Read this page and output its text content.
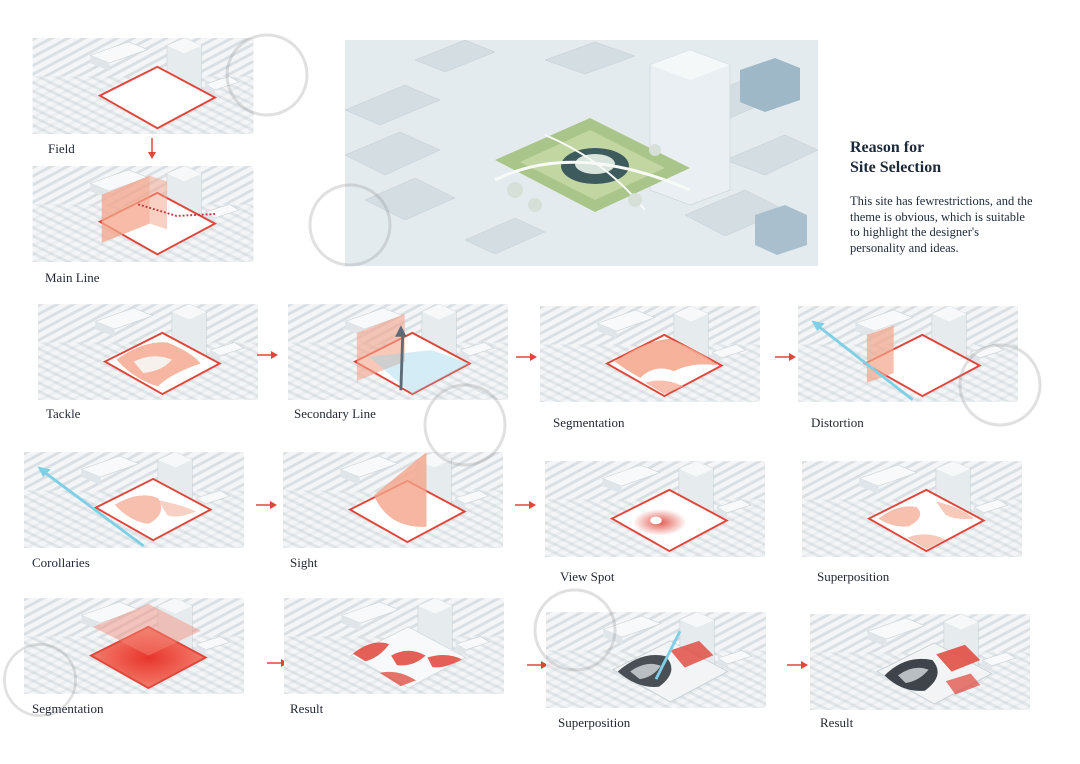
Field
Main Line
Reason for
Site Selection
This site has fewrestrictions, and the theme is obvious, which is suitable to highlight the designer's personality and ideas.
Tackle	Secondary Line
Segmentation	Distortion
Corollaries	Sight
View Spot	Superposition
Segmentation	Result
Superposition	Result
